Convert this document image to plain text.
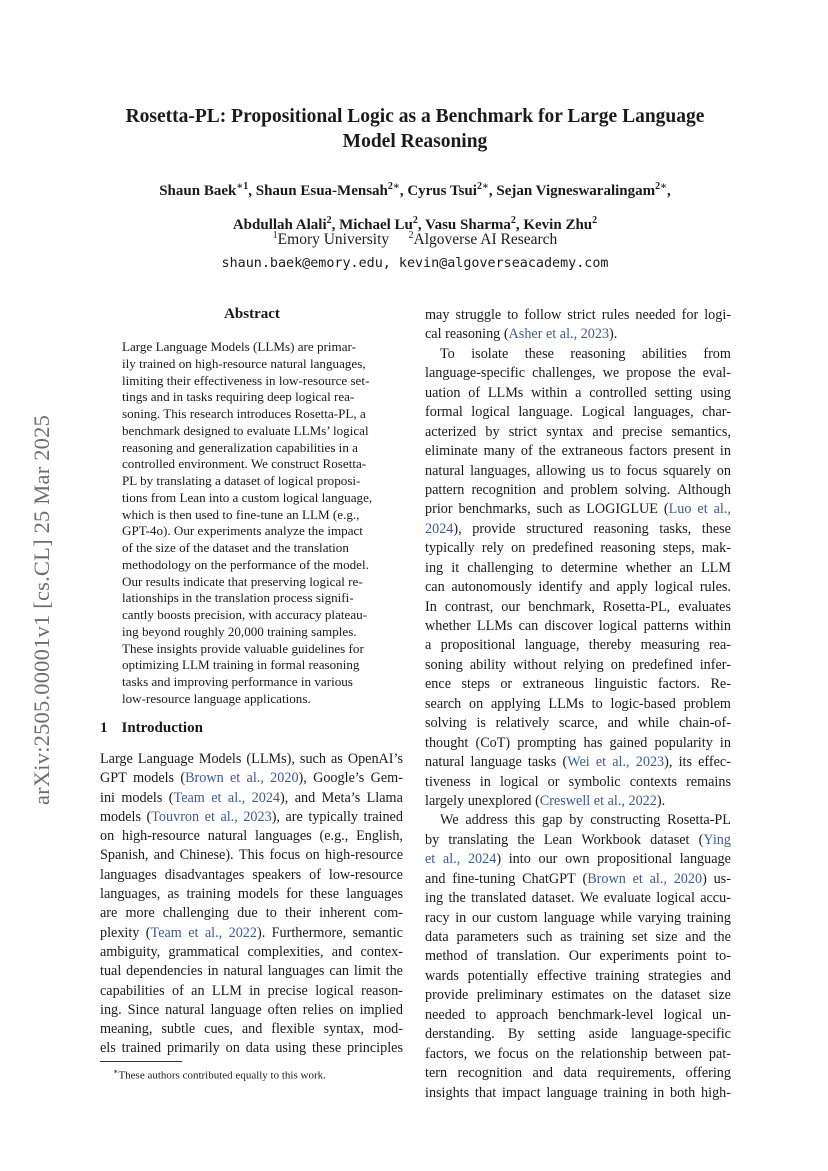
arXiv:2505.00001v1 [cs.CL] 25 Mar 2025
Rosetta-PL: Propositional Logic as a Benchmark for Large Language
Model Reasoning
Shaun Baek$^{∗1}$, Shaun Esua-Mensah$^{2∗}$, Cyrus Tsui$^{2∗}$, Sejan Vigneswaralingam$^{2∗}$,
Abdullah Alali$^2$, Michael Lu$^2$, Vasu Sharma$^2$, Kevin Zhu$^2$
$^1$Emory University $^2$Algoverse AI Research
shaun.baek@emory.edu, kevin@algoverseacademy.com
Abstract
Large Language Models (LLMs) are primar-
ily trained on high-resource natural languages,
limiting their effectiveness in low-resource set-
tings and in tasks requiring deep logical rea-
soning. This research introduces Rosetta-PL, a
benchmark designed to evaluate LLMs’ logical
reasoning and generalization capabilities in a
controlled environment. We construct Rosetta-
PL by translating a dataset of logical proposi-
tions from Lean into a custom logical language,
which is then used to fine-tune an LLM (e.g.,
GPT-4o). Our experiments analyze the impact
of the size of the dataset and the translation
methodology on the performance of the model.
Our results indicate that preserving logical re-
lationships in the translation process signifi-
cantly boosts precision, with accuracy plateau-
ing beyond roughly 20,000 training samples.
These insights provide valuable guidelines for
optimizing LLM training in formal reasoning
tasks and improving performance in various
low-resource language applications.
1 Introduction
Large Language Models (LLMs), such as OpenAI’s
GPT models (Brown et al., 2020), Google’s Gem-
ini models (Team et al., 2024), and Meta’s Llama
models (Touvron et al., 2023), are typically trained
on high-resource natural languages (e.g., English,
Spanish, and Chinese). This focus on high-resource
languages disadvantages speakers of low-resource
languages, as training models for these languages
are more challenging due to their inherent com-
plexity (Team et al., 2022). Furthermore, semantic
ambiguity, grammatical complexities, and contex-
tual dependencies in natural languages can limit the
capabilities of an LLM in precise logical reason-
ing. Since natural language often relies on implied
meaning, subtle cues, and flexible syntax, mod-
els trained primarily on data using these principles
may struggle to follow strict rules needed for logi-
cal reasoning (Asher et al., 2023).
To isolate these reasoning abilities from
language-specific challenges, we propose the eval-
uation of LLMs within a controlled setting using
formal logical language. Logical languages, char-
acterized by strict syntax and precise semantics,
eliminate many of the extraneous factors present in
natural languages, allowing us to focus squarely on
pattern recognition and problem solving. Although
prior benchmarks, such as LOGIGLUE (Luo et al.,
2024), provide structured reasoning tasks, these
typically rely on predefined reasoning steps, mak-
ing it challenging to determine whether an LLM
can autonomously identify and apply logical rules.
In contrast, our benchmark, Rosetta-PL, evaluates
whether LLMs can discover logical patterns within
a propositional language, thereby measuring rea-
soning ability without relying on predefined infer-
ence steps or extraneous linguistic factors. Re-
search on applying LLMs to logic-based problem
solving is relatively scarce, and while chain-of-
thought (CoT) prompting has gained popularity in
natural language tasks (Wei et al., 2023), its effec-
tiveness in logical or symbolic contexts remains
largely unexplored (Creswell et al., 2022).
We address this gap by constructing Rosetta-PL
by translating the Lean Workbook dataset (Ying
et al., 2024) into our own propositional language
and fine-tuning ChatGPT (Brown et al., 2020) us-
ing the translated dataset. We evaluate logical accu-
racy in our custom language while varying training
data parameters such as training set size and the
method of translation. Our experiments point to-
wards potentially effective training strategies and
provide preliminary estimates on the dataset size
needed to approach benchmark-level logical un-
derstanding. By setting aside language-specific
factors, we focus on the relationship between pat-
tern recognition and data requirements, offering
insights that impact language training in both high-
∗These authors contributed equally to this work.
